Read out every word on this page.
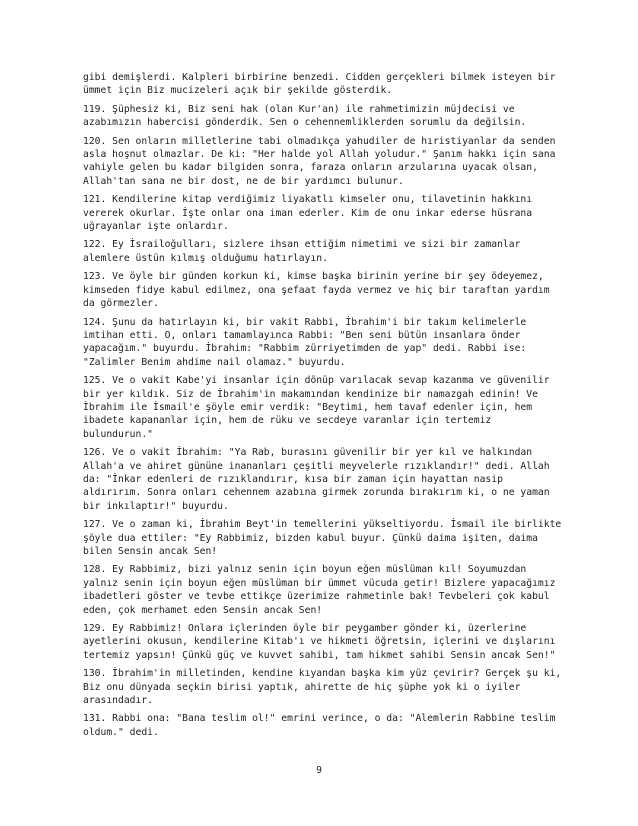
gibi demişlerdi. Kalpleri birbirine benzedi. Cidden gerçekleri bilmek isteyen bir ümmet için Biz mucizeleri açık bir şekilde gösterdik.

119. Şüphesiz ki, Biz seni hak (olan Kur'an) ile rahmetimizin müjdecisi ve azabımızın habercisi gönderdik. Sen o cehennemliklerden sorumlu da değilsin.

120. Sen onların milletlerine tabi olmadıkça yahudiler de hıristiyanlar da senden asla hoşnut olmazlar. De ki: "Her halde yol Allah yoludur." Şanım hakkı için sana vahiyle gelen bu kadar bilgiden sonra, faraza onların arzularına uyacak olsan, Allah'tan sana ne bir dost, ne de bir yardımcı bulunur.

121. Kendilerine kitap verdiğimiz liyakatlı kimseler onu, tilavetinin hakkını vererek okurlar. İşte onlar ona iman ederler. Kim de onu inkar ederse hüsrana uğrayanlar işte onlardır.

122. Ey İsrailoğulları, sizlere ihsan ettiğim nimetimi ve sizi bir zamanlar alemlere üstün kılmış olduğumu hatırlayın.

123. Ve öyle bir günden korkun ki, kimse başka birinin yerine bir şey ödeyemez, kimseden fidye kabul edilmez, ona şefaat fayda vermez ve hiç bir taraftan yardım da görmezler.

124. Şunu da hatırlayın ki, bir vakit Rabbi, İbrahim'i bir takım kelimelerle imtihan etti. O, onları tamamlayınca Rabbi: "Ben seni bütün insanlara önder yapacağım." buyurdu. İbrahim: "Rabbim zürriyetimden de yap" dedi. Rabbi ise: "Zalimler Benim ahdime nail olamaz." buyurdu.

125. Ve o vakit Kabe'yi insanlar için dönüp varılacak sevap kazanma ve güvenilir bir yer kıldık. Siz de İbrahim'in makamından kendinize bir namazgah edinin! Ve İbrahim ile İsmail'e şöyle emir verdik: "Beytimi, hem tavaf edenler için, hem ibadete kapananlar için, hem de rüku ve secdeye varanlar için tertemiz bulundurun."

126. Ve o vakit İbrahim: "Ya Rab, burasını güvenilir bir yer kıl ve halkından Allah'a ve ahiret gününe inananları çeşitli meyvelerle rızıklandır!" dedi. Allah da: "İnkar edenleri de rızıklandırır, kısa bir zaman için hayattan nasip aldırırım. Sonra onları cehennem azabına girmek zorunda bırakırım ki, o ne yaman bir inkılaptır!" buyurdu.

127. Ve o zaman ki, İbrahim Beyt'in temellerini yükseltiyordu. İsmail ile birlikte şöyle dua ettiler: "Ey Rabbimiz, bizden kabul buyur. Çünkü daima işiten, daima bilen Sensin ancak Sen!

128. Ey Rabbimiz, bizi yalnız senin için boyun eğen müslüman kıl! Soyumuzdan yalnız senin için boyun eğen müslüman bir ümmet vücuda getir! Bizlere yapacağımız ibadetleri göster ve tevbe ettikçe üzerimize rahmetinle bak! Tevbeleri çok kabul eden, çok merhamet eden Sensin ancak Sen!

129. Ey Rabbimiz! Onlara içlerinden öyle bir peygamber gönder ki, üzerlerine ayetlerini okusun, kendilerine Kitab'ı ve hikmeti öğretsin, içlerini ve dışlarını tertemiz yapsın! Çünkü güç ve kuvvet sahibi, tam hikmet sahibi Sensin ancak Sen!"

130. İbrahim'in milletinden, kendine kıyandan başka kim yüz çevirir? Gerçek şu ki, Biz onu dünyada seçkin birisi yaptık, ahirette de hiç şüphe yok ki o iyiler arasındadır.

131. Rabbi ona: "Bana teslim ol!" emrini verince, o da: "Alemlerin Rabbine teslim oldum." dedi.

9
